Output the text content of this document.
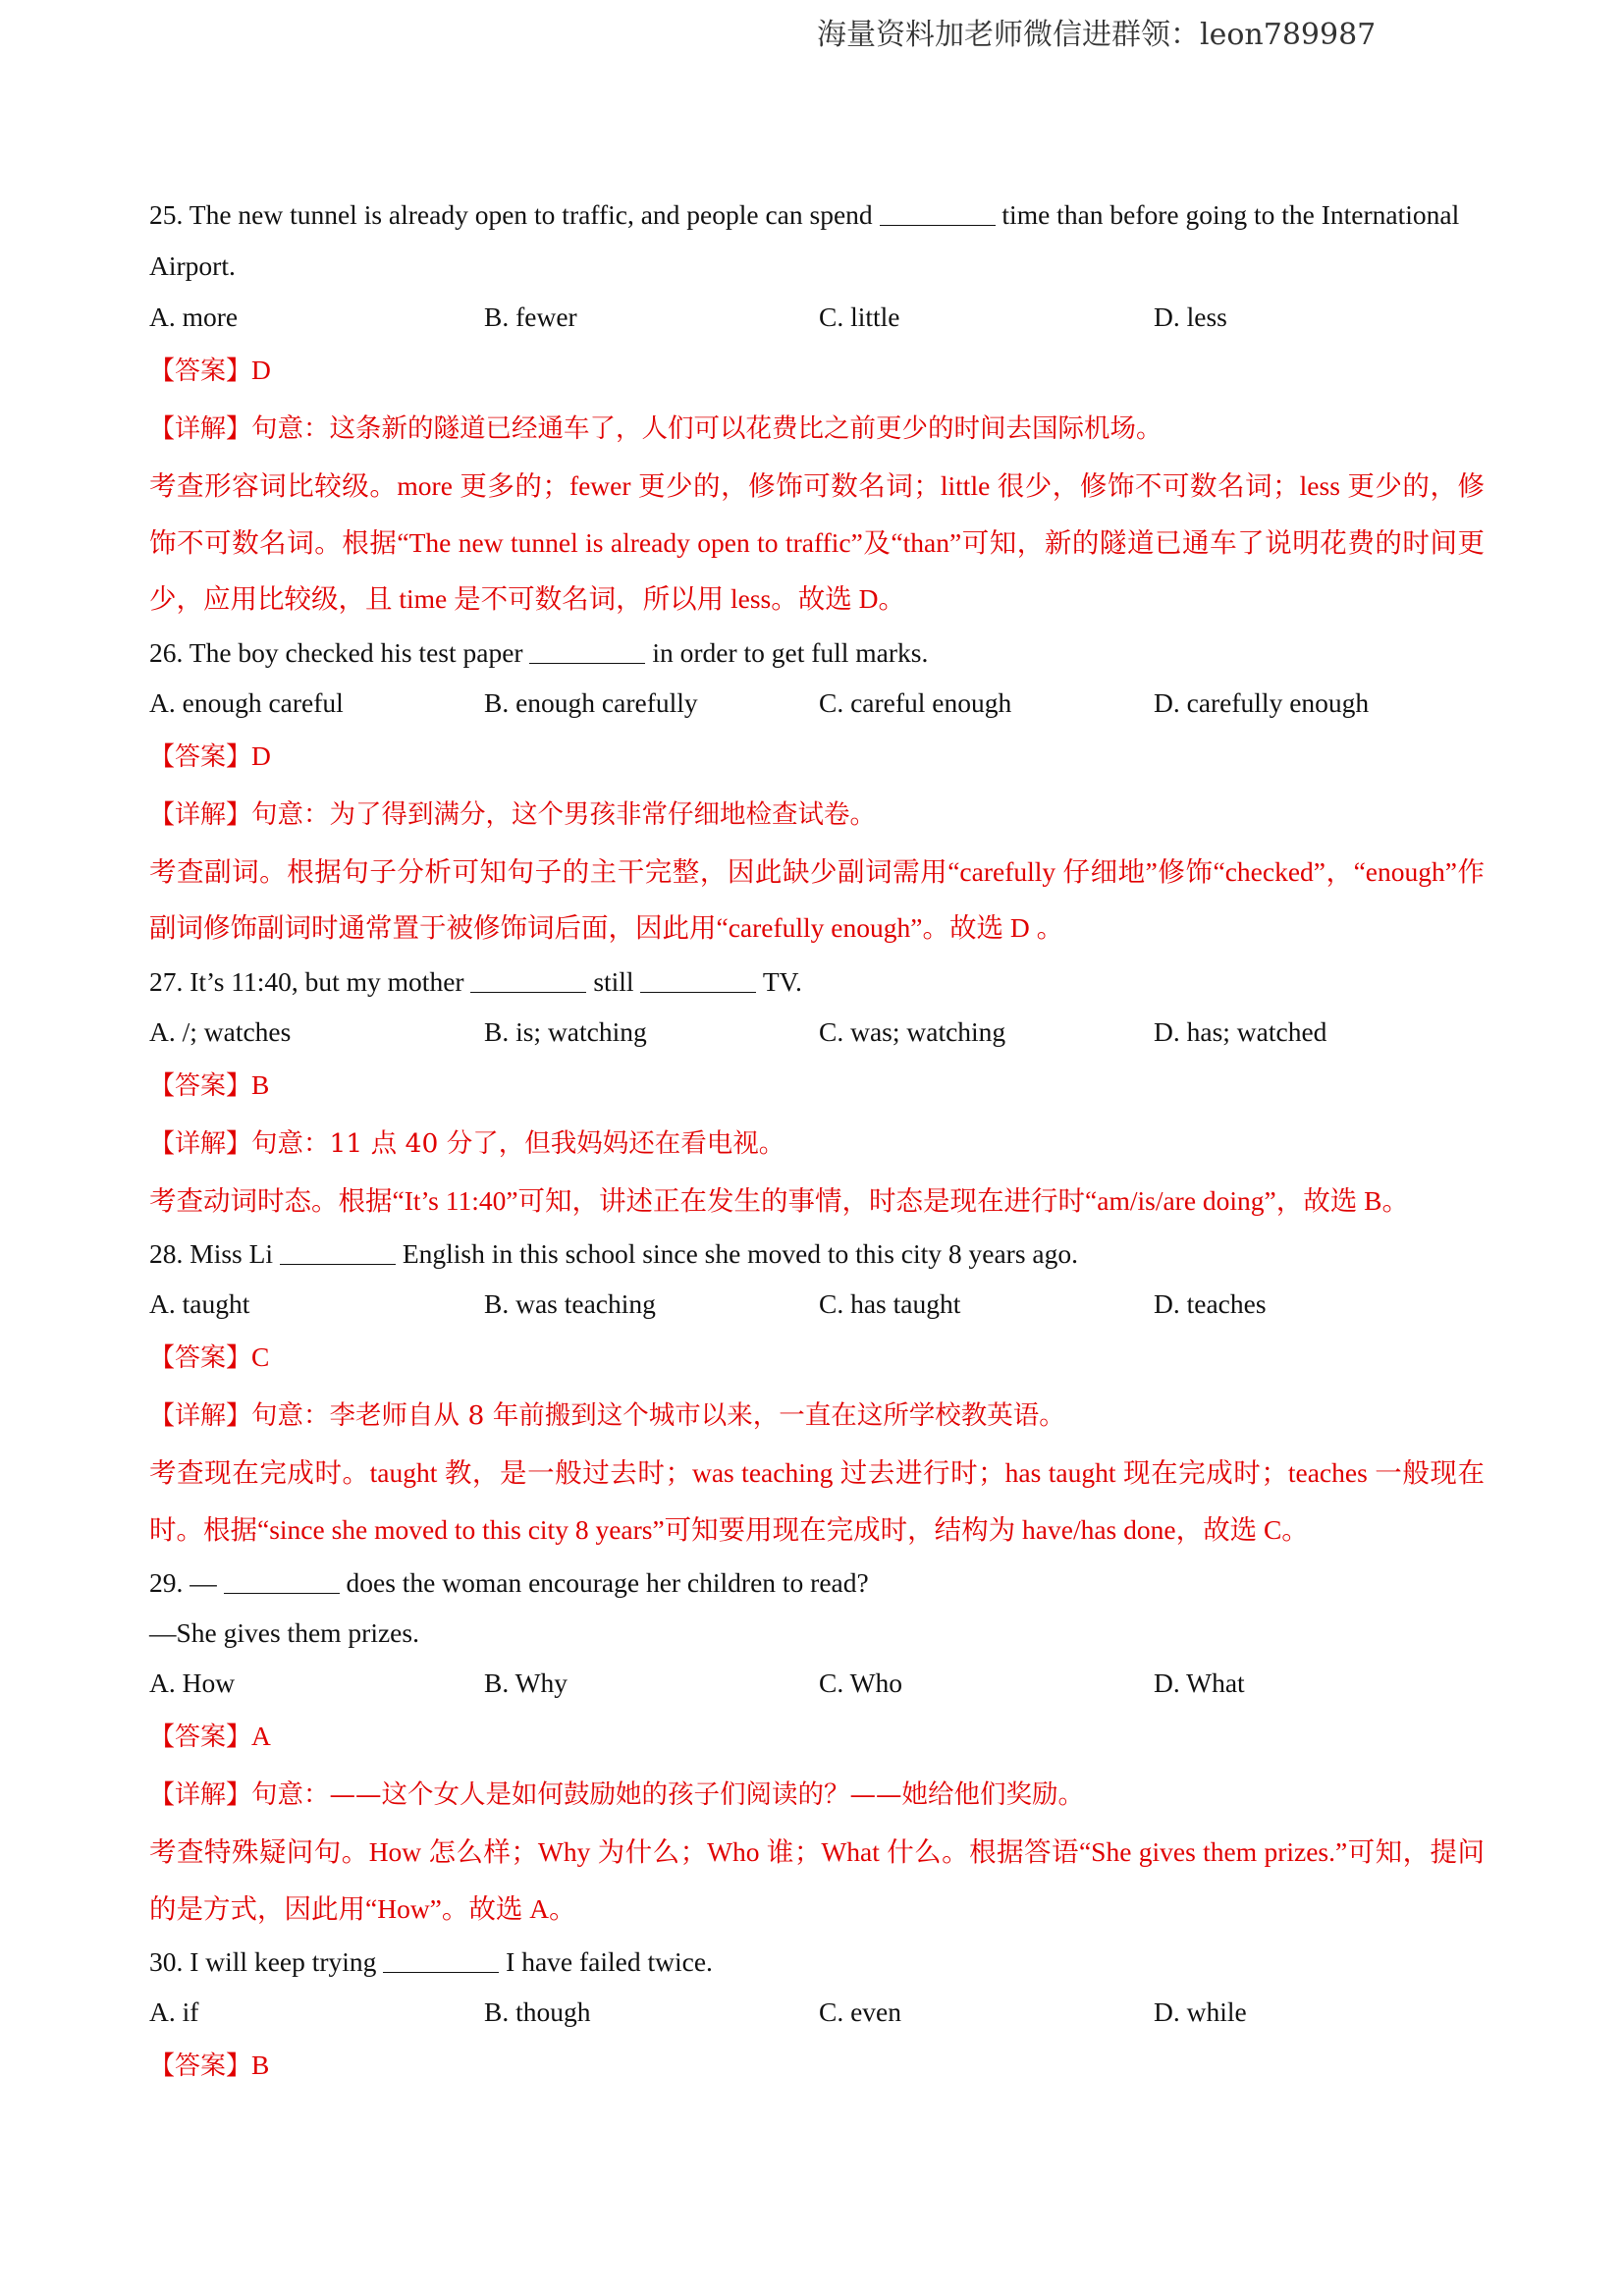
海量资料加老师微信进群领：leon789987
25. The new tunnel is already open to traffic, and people can spend	time than before going to the International Airport.
A. more	B. fewer	C. little	D. less
【答案】D
【详解】句意：这条新的隧道已经通车了，人们可以花费比之前更少的时间去国际机场。
考查形容词比较级。more 更多的；fewer 更少的，修饰可数名词；little 很少，修饰不可数名词；less 更少的，修饰不可数名词。根据“The new tunnel is already open to traffic”及“than”可知，新的隧道已通车了说明花费的时间更少，应用比较级，且 time 是不可数名词，所以用 less。故选 D。
26. The boy checked his test paper	in order to get full marks.
A. enough careful	B. enough carefully	C. careful enough	D. carefully enough
【答案】D
【详解】句意：为了得到满分，这个男孩非常仔细地检查试卷。
考查副词。根据句子分析可知句子的主干完整，因此缺少副词需用“carefully 仔细地”修饰“checked”，“enough”作副词修饰副词时通常置于被修饰词后面，因此用“carefully enough”。故选 D 。
27. It’s 11:40, but my mother	still	TV.
A. /; watches	B. is; watching	C. was; watching	D. has; watched
【答案】B
【详解】句意：11 点 40 分了，但我妈妈还在看电视。
考查动词时态。根据“It’s 11:40”可知，讲述正在发生的事情，时态是现在进行时“am/is/are doing”，故选 B。
28. Miss Li	English in this school since she moved to this city 8 years ago.
A. taught	B. was teaching	C. has taught	D. teaches
【答案】C
【详解】句意：李老师自从 8 年前搬到这个城市以来，一直在这所学校教英语。
考查现在完成时。taught 教，是一般过去时；was teaching 过去进行时；has taught 现在完成时；teaches 一般现在时。根据“since she moved to this city 8 years”可知要用现在完成时，结构为 have/has done，故选 C。
29. —	does the woman encourage her children to read?
—She gives them prizes.
A. How	B. Why	C. Who	D. What
【答案】A
【详解】句意：——这个女人是如何鼓励她的孩子们阅读的？——她给他们奖励。
考查特殊疑问句。How 怎么样；Why 为什么；Who 谁；What 什么。根据答语“She gives them prizes.”可知，提问的是方式，因此用“How”。故选 A。
30. I will keep trying	I have failed twice.
A. if	B. though	C. even	D. while
【答案】B
